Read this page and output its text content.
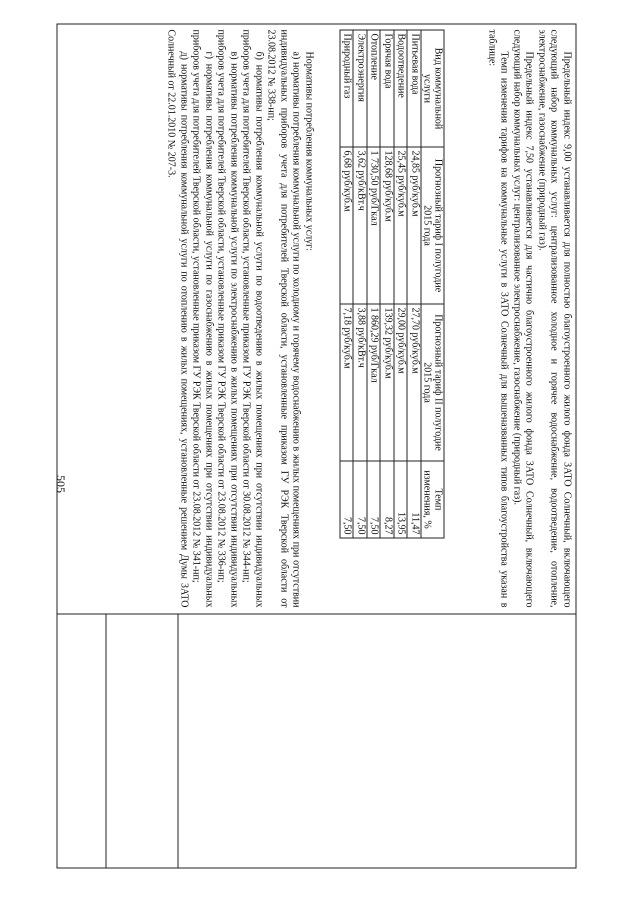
505	Предельный индекс 9,00 устанавливается для полностью благоустроенного жилого фонда ЗАТО Солнечный, включающего следующий набор коммунальных услуг: централизованное холодное и горячее водоснабжение, водоотведение, отопление, электроснабжение, газоснабжение (природный газ).

Предельный индекс 7,50 устанавливается для частично благоустроенного жилого фонда ЗАТО Солнечный, включающего следующий набор коммунальных услуг: централизованное электроснабжение, газоснабжение (природный газ).

Темп изменения тарифов на коммунальные услуги в ЗАТО Солнечный для вышеназванных типов благоустройства указан в таблице:

Вид коммунальной услуги	Прогнозный тариф I полугодие 2015 года	Прогнозный тариф II полугодие 2015 года	Темп изменения, %
Питьевая вода	24,85 руб/куб.м	27,70 руб/куб.м	11,47
Водоотведение	25,45 руб/куб.м	29,00 руб/куб.м	13,95
Горячая вода	128,68 руб/куб.м	139,32 руб/куб.м	8,27
Отопление	1 730,50 руб/Гкал	1 860,29 руб/Гкал	7,50
Электроэнергия	3,62 руб/кВт.ч	3,88 руб/кВт.ч	7,50
Природный газ	6,68 руб/куб.м	7,18 руб/куб.м	7,50

Нормативы потребления коммунальных услуг:

а) нормативы потребления коммунальной услуги по холодному и горячему водоснабжению в жилых помещениях при отсутствии индивидуальных приборов учета для потребителей Тверской области, установленные приказом ГУ РЭК Тверской области от 23.08.2012 № 338-нп;

б) нормативы потребления коммунальной услуги по водоотведению в жилых помещениях при отсутствии индивидуальных приборов учета для потребителей Тверской области, установленные приказом ГУ РЭК Тверской области от 30.08.2012 № 344-нп;

в) нормативы потребления коммунальной услуги по электроснабжению в жилых помещениях при отсутствии индивидуальных приборов учета для потребителей Тверской области, установленные приказом ГУ РЭК Тверской области от 23.08.2012 № 336-нп;

г) нормативы потребления коммунальной услуги по газоснабжению в жилых помещениях при отсутствии индивидуальных приборов учета для потребителей Тверской области, установленные приказом ГУ РЭК Тверской области от 23.08.2012 № 341-нп;

д) нормативы потребления коммунальной услуги по отоплению в жилых помещениях, установленные решением Думы ЗАТО Солнечный от 22.01.2010 № 207-3.
